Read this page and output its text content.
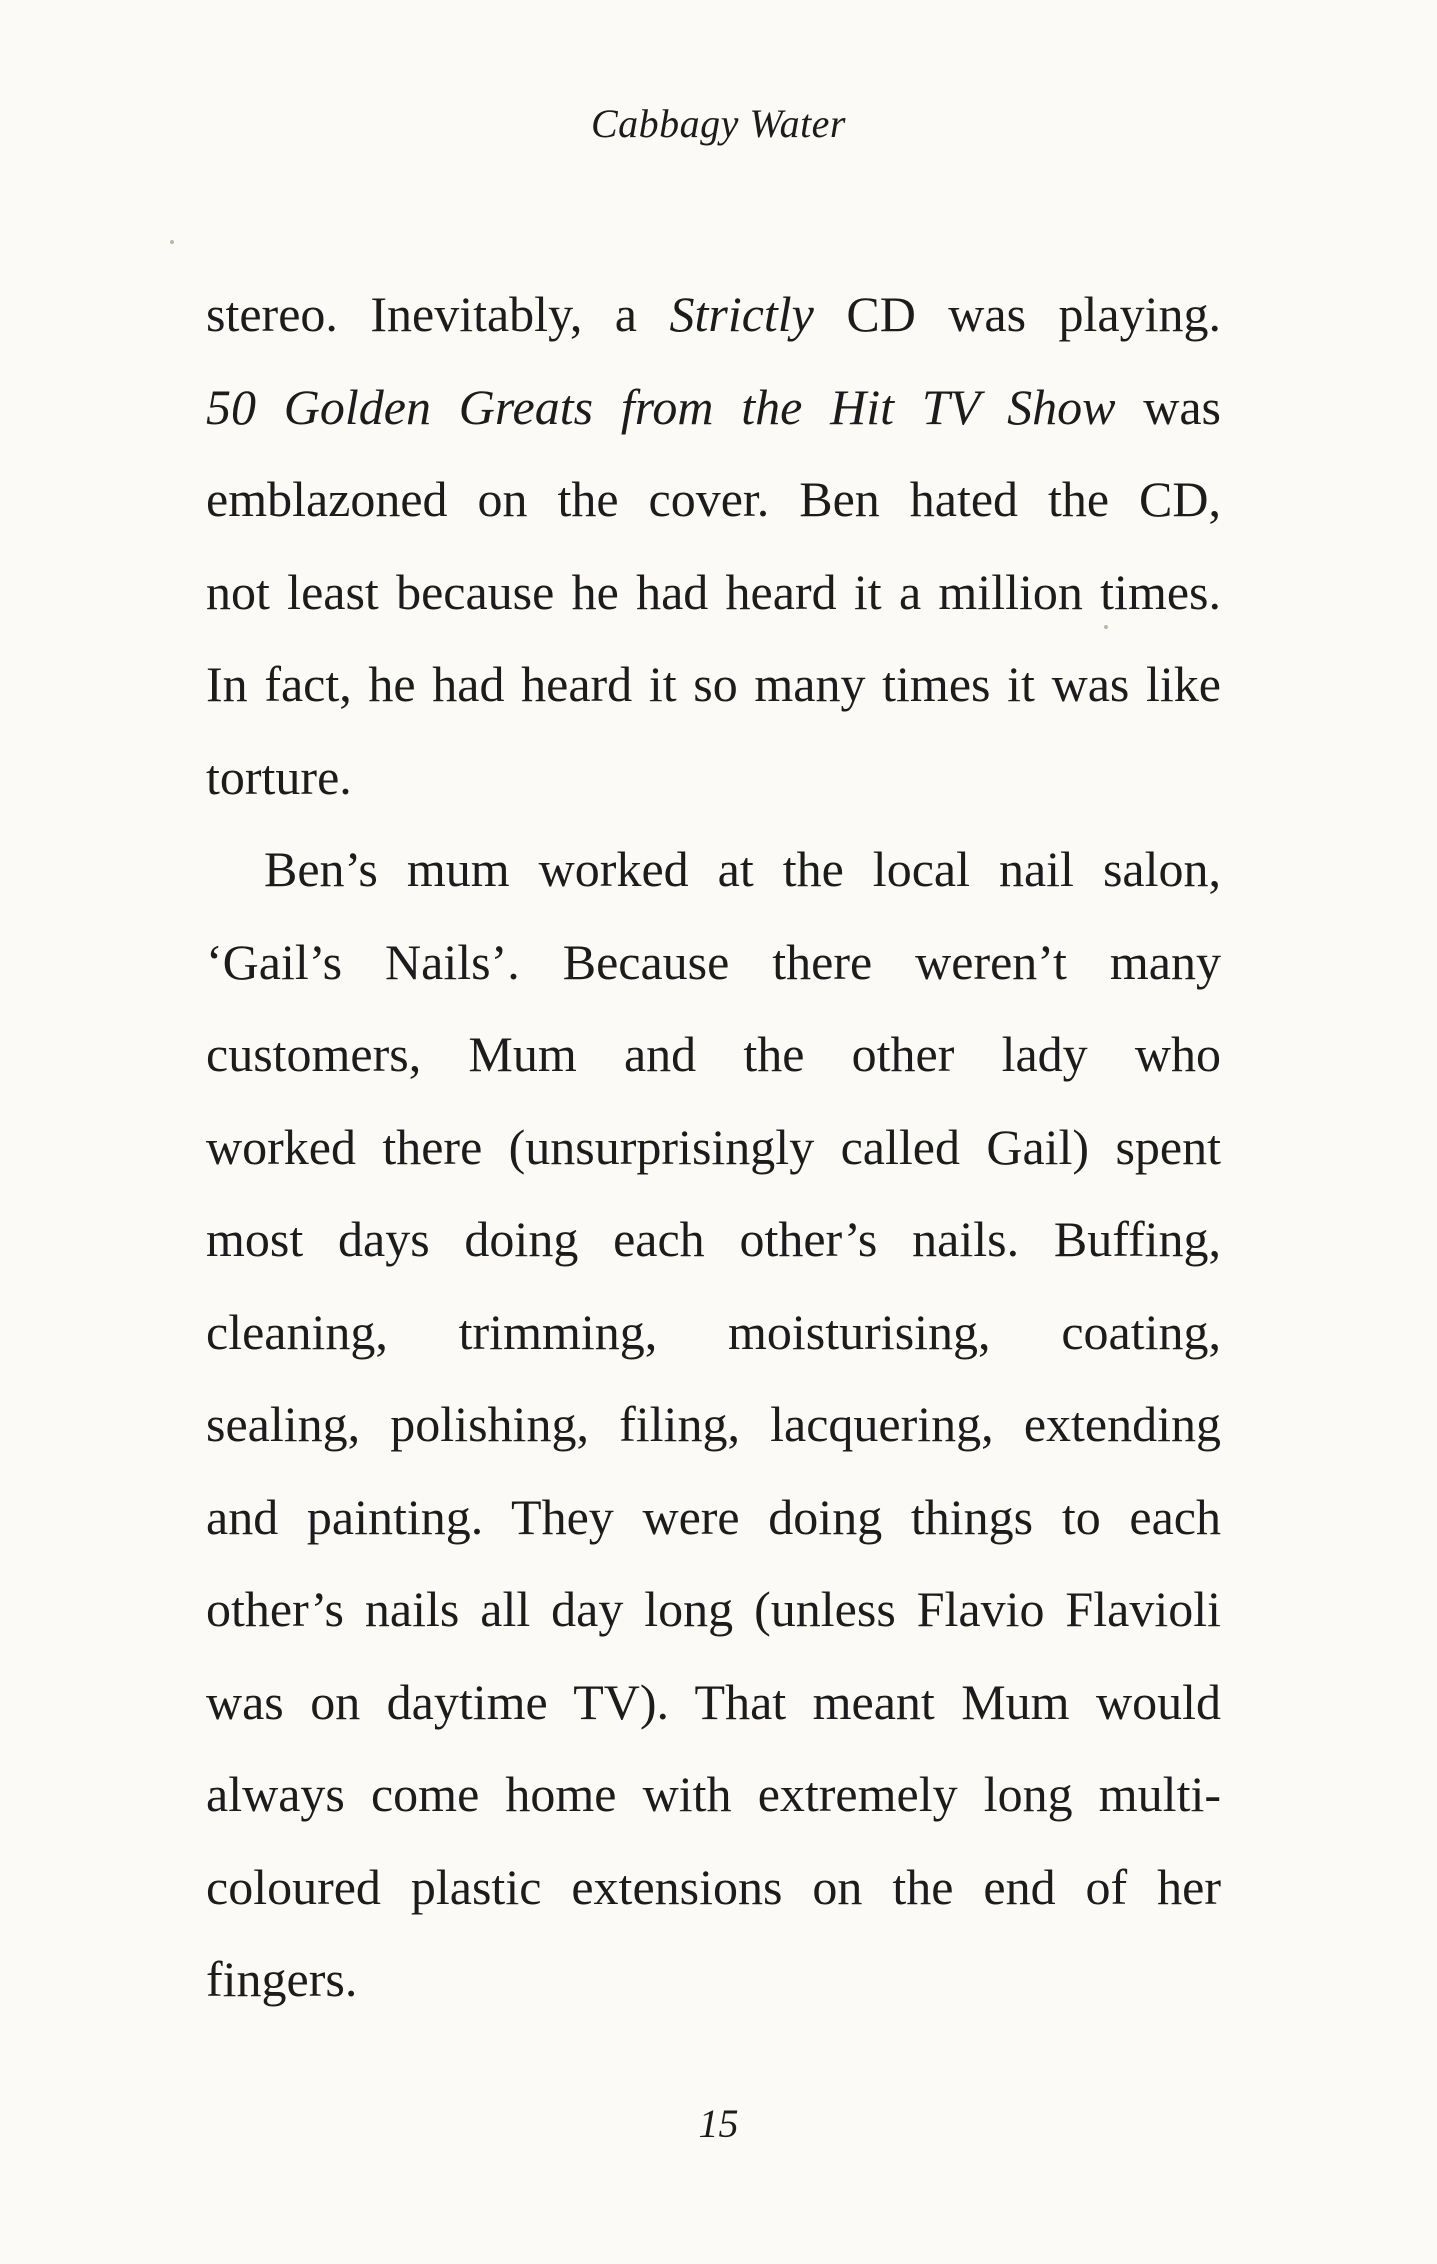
Cabbagy Water
stereo. Inevitably, a Strictly CD was playing.
50 Golden Greats from the Hit TV Show was
emblazoned on the cover. Ben hated the CD,
not least because he had heard it a million times.
In fact, he had heard it so many times it was like
torture.
Ben’s mum worked at the local nail salon,
‘Gail’s Nails’. Because there weren’t many
customers, Mum and the other lady who
worked there (unsurprisingly called Gail) spent
most days doing each other’s nails. Buffing,
cleaning, trimming, moisturising, coating,
sealing, polishing, filing, lacquering, extending
and painting. They were doing things to each
other’s nails all day long (unless Flavio Flavioli
was on daytime TV). That meant Mum would
always come home with extremely long multi-
coloured plastic extensions on the end of her
fingers.
15
